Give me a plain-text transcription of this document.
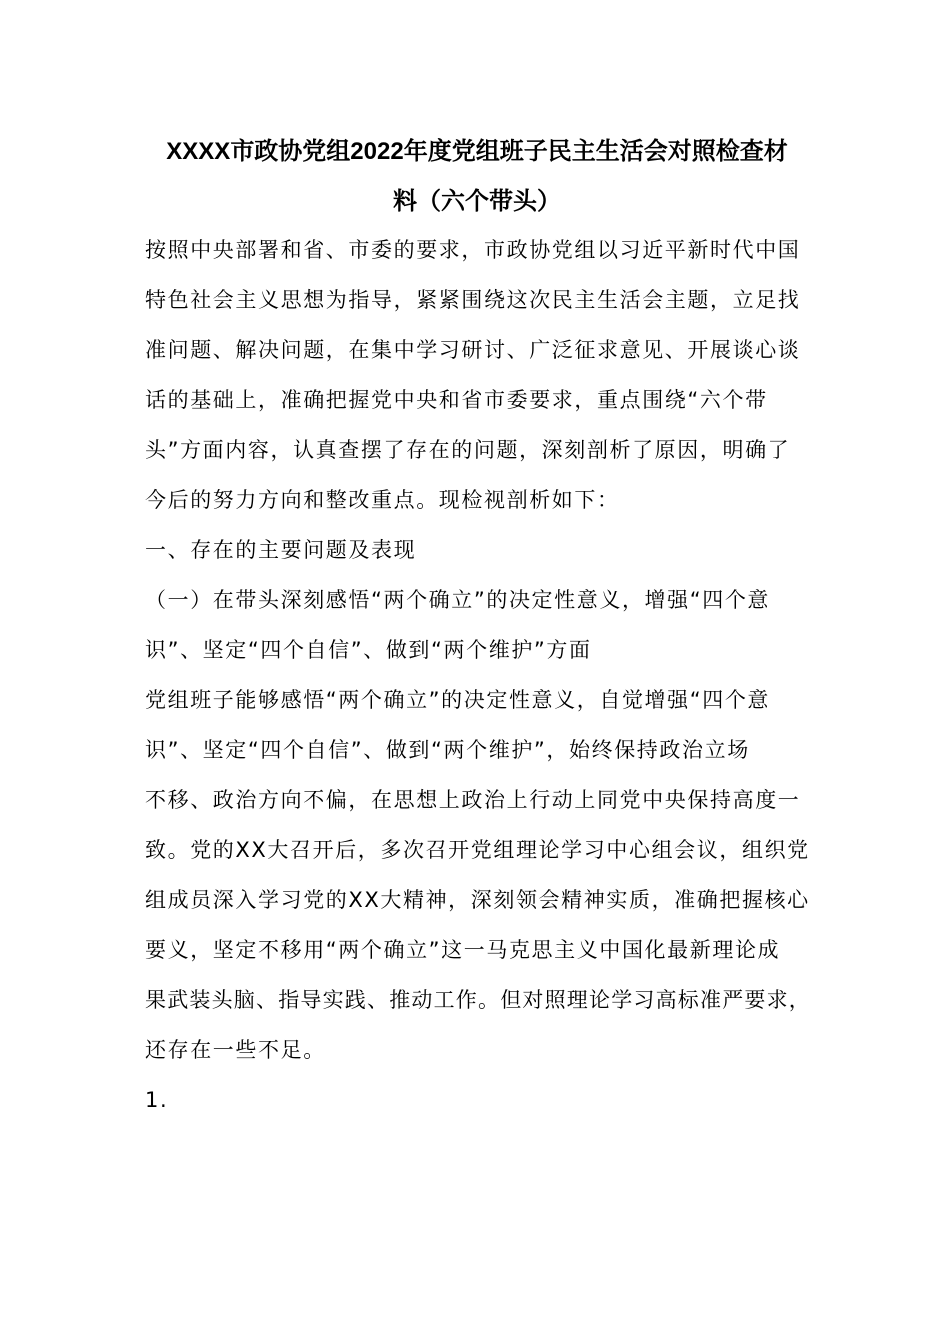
XXXX市政协党组2022年度党组班子民主生活会对照检查材
料（六个带头）
按照中央部署和省、市委的要求，市政协党组以习近平新时代中国
特色社会主义思想为指导，紧紧围绕这次民主生活会主题，立足找
准问题、解决问题，在集中学习研讨、广泛征求意见、开展谈心谈
话的基础上，准确把握党中央和省市委要求，重点围绕“六个带
头”方面内容，认真查摆了存在的问题，深刻剖析了原因，明确了
今后的努力方向和整改重点。现检视剖析如下：
一、存在的主要问题及表现
（一）在带头深刻感悟“两个确立”的决定性意义，增强“四个意
识”、坚定“四个自信”、做到“两个维护”方面
党组班子能够感悟“两个确立”的决定性意义，自觉增强“四个意
识”、坚定“四个自信”、做到“两个维护”，始终保持政治立场
不移、政治方向不偏，在思想上政治上行动上同党中央保持高度一
致。党的XX大召开后，多次召开党组理论学习中心组会议，组织党
组成员深入学习党的XX大精神，深刻领会精神实质，准确把握核心
要义，坚定不移用“两个确立”这一马克思主义中国化最新理论成
果武装头脑、指导实践、推动工作。但对照理论学习高标准严要求，
还存在一些不足。
1.
